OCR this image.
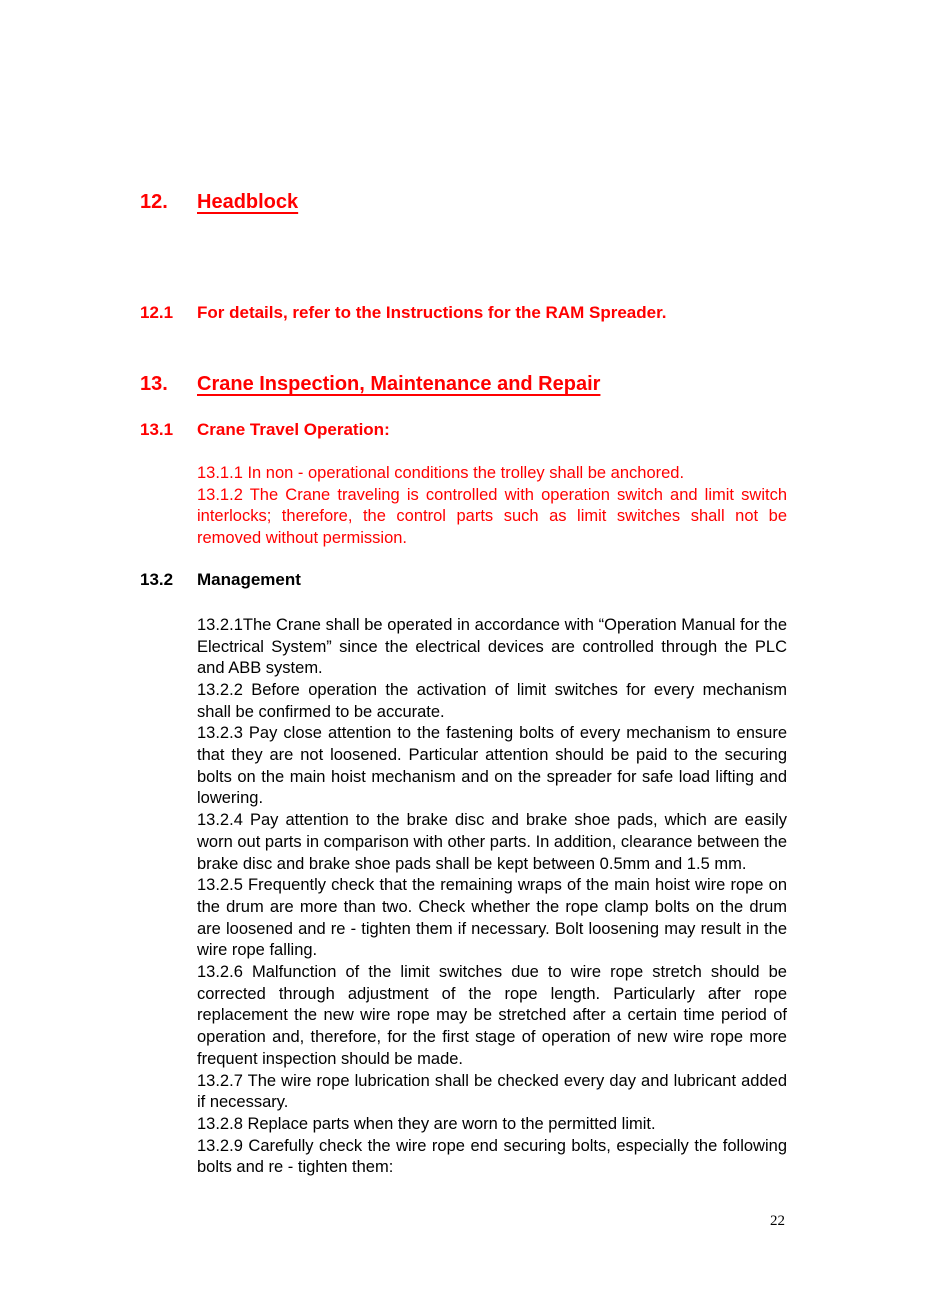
12.	Headblock
12.1	For details, refer to the Instructions for the RAM Spreader.
13.	Crane Inspection, Maintenance and Repair
13.1	Crane Travel Operation:

13.1.1 In non - operational conditions the trolley shall be anchored.

13.1.2 The Crane traveling is controlled with operation switch and limit switch interlocks; therefore, the control parts such as limit switches shall not be removed without permission.

13.2	Management

13.2.1The Crane shall be operated in accordance with “Operation Manual for the Electrical System” since the electrical devices are controlled through the PLC and ABB system.

13.2.2 Before operation the activation of limit switches for every mechanism shall be confirmed to be accurate.

13.2.3 Pay close attention to the fastening bolts of every mechanism to ensure that they are not loosened. Particular attention should be paid to the securing bolts on the main hoist mechanism and on the spreader for safe load lifting and lowering.

13.2.4 Pay attention to the brake disc and brake shoe pads, which are easily worn out parts in comparison with other parts. In addition, clearance between the brake disc and brake shoe pads shall be kept between 0.5mm and 1.5 mm.

13.2.5 Frequently check that the remaining wraps of the main hoist wire rope on the drum are more than two. Check whether the rope clamp bolts on the drum are loosened and re - tighten them if necessary. Bolt loosening may result in the wire rope falling.

13.2.6 Malfunction of the limit switches due to wire rope stretch should be corrected through adjustment of the rope length. Particularly after rope replacement the new wire rope may be stretched after a certain time period of operation and, therefore, for the first stage of operation of new wire rope more frequent inspection should be made.

13.2.7 The wire rope lubrication shall be checked every day and lubricant added if necessary.

13.2.8 Replace parts when they are worn to the permitted limit.

13.2.9 Carefully check the wire rope end securing bolts, especially the following bolts and re - tighten them:

22
